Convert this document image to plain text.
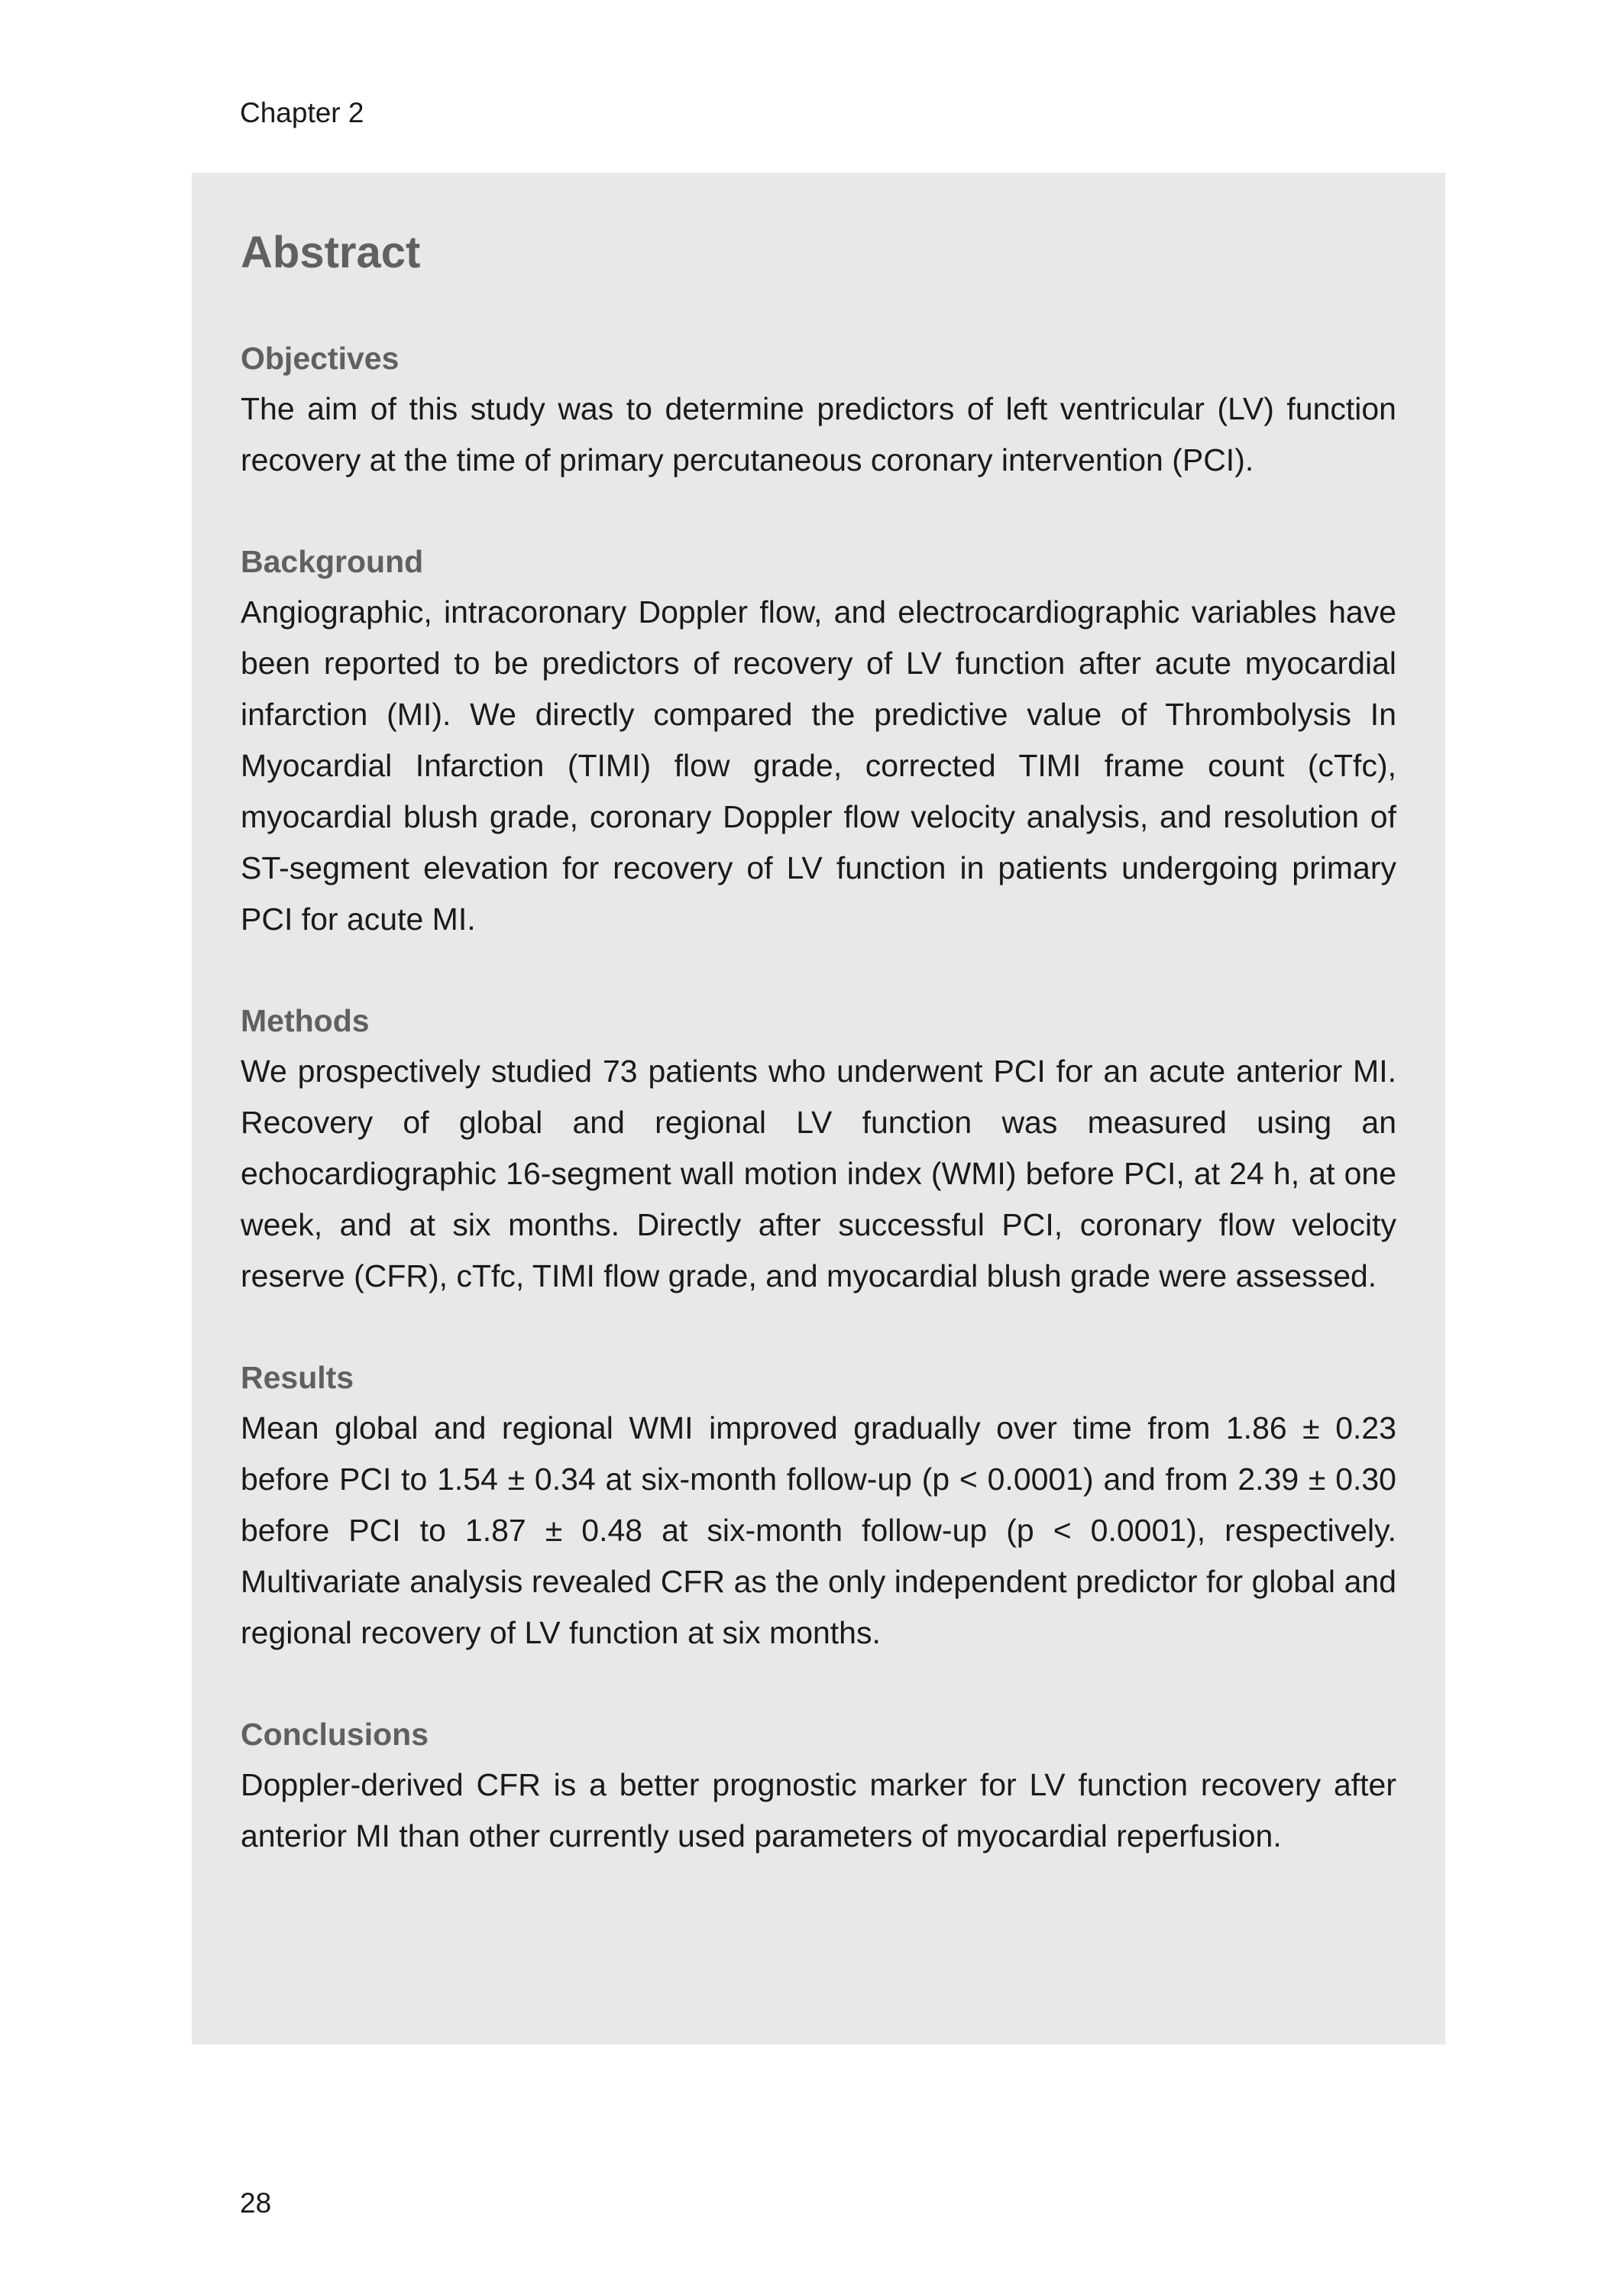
Chapter 2
Abstract
Objectives

The aim of this study was to determine predictors of left ventricular (LV) function recovery at the time of primary percutaneous coronary intervention (PCI).

Background

Angiographic, intracoronary Doppler flow, and electrocardiographic variables have been reported to be predictors of recovery of LV function after acute myocardial infarction (MI). We directly compared the predictive value of Thrombolysis In Myocardial Infarction (TIMI) flow grade, corrected TIMI frame count (cTfc), myocardial blush grade, coronary Doppler flow velocity analysis, and resolution of ST-segment elevation for recovery of LV function in patients undergoing primary PCI for acute MI.

Methods

We prospectively studied 73 patients who underwent PCI for an acute anterior MI. Recovery of global and regional LV function was measured using an echocardiographic 16-segment wall motion index (WMI) before PCI, at 24 h, at one week, and at six months. Directly after successful PCI, coronary flow velocity reserve (CFR), cTfc, TIMI flow grade, and myocardial blush grade were assessed.

Results

Mean global and regional WMI improved gradually over time from 1.86 ± 0.23 before PCI to 1.54 ± 0.34 at six-month follow-up (p < 0.0001) and from 2.39 ± 0.30 before PCI to 1.87 ± 0.48 at six-month follow-up (p < 0.0001), respectively. Multivariate analysis revealed CFR as the only independent predictor for global and regional recovery of LV function at six months.

Conclusions

Doppler-derived CFR is a better prognostic marker for LV function recovery after anterior MI than other currently used parameters of myocardial reperfusion.

28
